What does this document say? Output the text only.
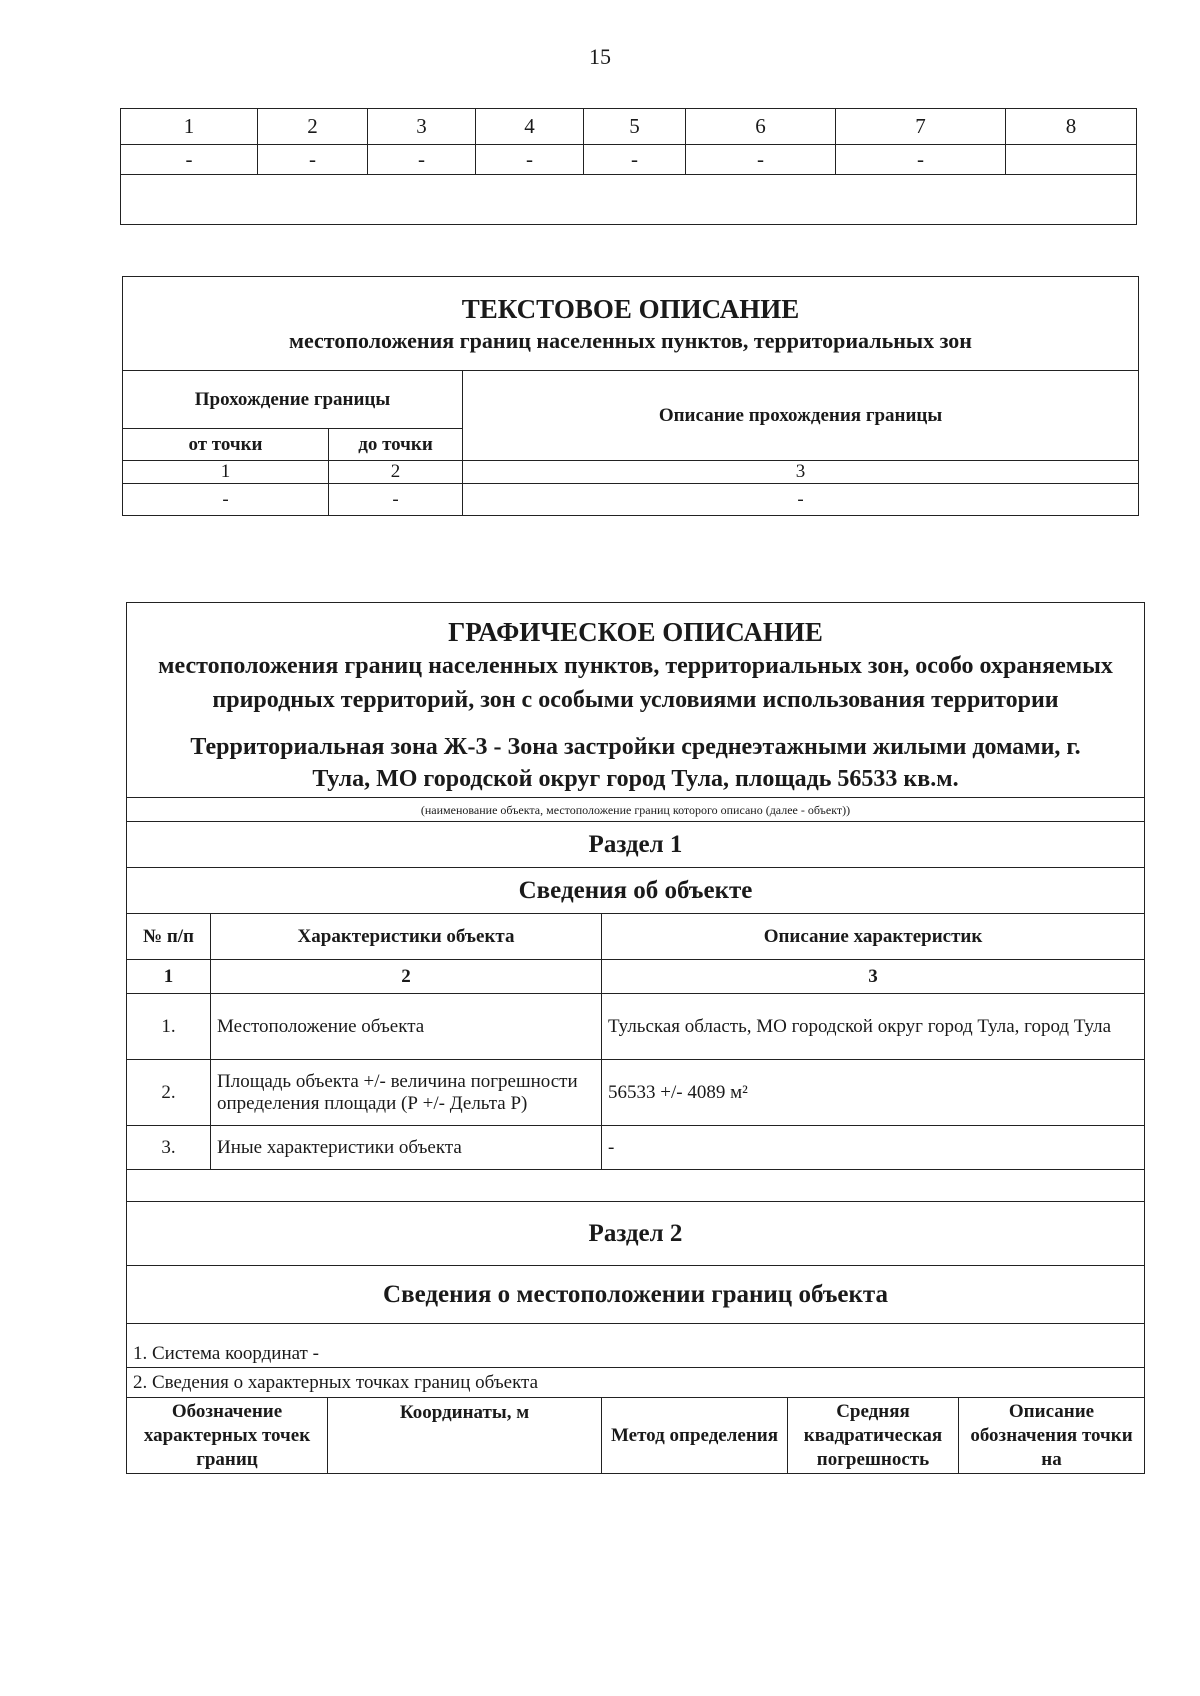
15
1	2	3	4	5	6	7	8
-	-	-	-	-	-	-	

ТЕКСТОВОЕ ОПИСАНИЕ
местоположения границ населенных пунктов, территориальных зон		

Прохождение границы		Описание прохождения границы
от точки	до точки	
1	2	3
-	-	-
ГРАФИЧЕСКОЕ ОПИСАНИЕ
местоположения границ населенных пунктов, территориальных зон, особо охраняемых природных территорий, зон с особыми условиями использования территории
Территориальная зона Ж-3 - Зона застройки среднеэтажными жилыми домами, г. Тула, МО городской округ город Тула, площадь 56533 кв.м.					

(наименование объекта, местоположение границ которого описано (далее - объект))					
Раздел 1					
Сведения об объекте					
№ п/п	Характеристики объекта		Описание характеристик		
1	2		3		
1.	Местоположение объекта		Тульская область, МО городской округ город Тула, город Тула		
2.	Площадь объекта +/- величина погрешности определения площади (Р +/- Дельта Р)		56533 +/- 4089 м²		
3.	Иные характеристики объекта		-		

Раздел 2					
Сведения о местоположении границ объекта					
1. Система координат -					
2. Сведения о характерных точках границ объекта					
Обозначение характерных точек границ		Координаты, м	Метод определения	Средняя квадратическая погрешность	Описание обозначения точки на
